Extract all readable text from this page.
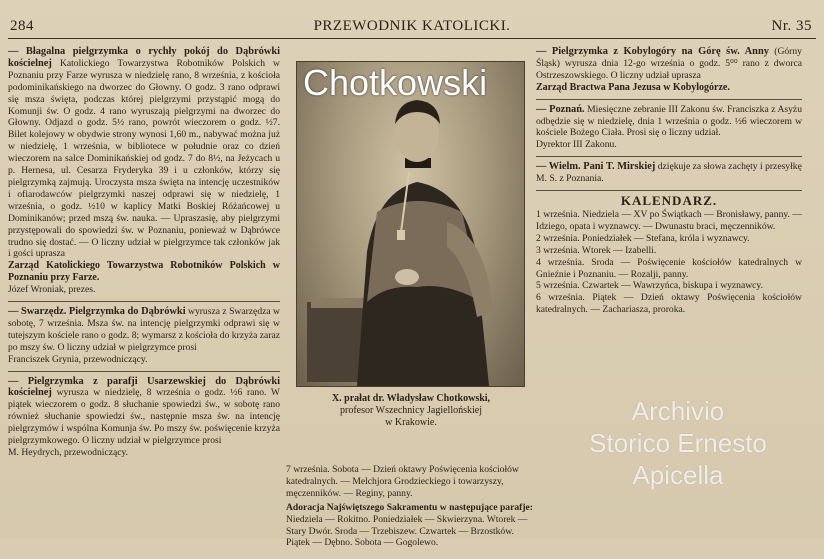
284	PRZEWODNIK KATOLICKI.	Nr. 35

— Błagalna pielgrzymka o rychły pokój do Dąbrówki kościelnej Katolickiego Towarzystwa Robotników Polskich w Poznaniu przy Farze wyrusza w niedzielę rano, 8 września, z kościoła podominikańskiego na dworzec do Głowny. O godz. 3 rano odprawi się msza święta, podczas której pielgrzymi przystąpić mogą do Komunji św. O godz. 4 rano wyruszają pielgrzymi na dworzec do Głowny. Odjazd o godz. 5½ rano, powrót wieczorem o godz. ½7. Bilet kolejowy w obydwie strony wynosi 1,60 m., nabywać można już w niedzielę, 1 września, w bibliotece w południe oraz co dzień wieczorem na salce Dominikańskiej od godz. 7 do 8½, na Jeżycach u p. Hernesa, ul. Cesarza Fryderyka 39 i u członków, którzy się pielgrzymką zajmują. Uroczysta msza święta na intencję uczestników i ofiarodawców pielgrzymki naszej odprawi się w niedzielę, 1 września, o godz. ½10 w kaplicy Matki Boskiej Różańcowej u Dominikanów; przed mszą św. nauka. — Upraszasię, aby pielgrzymi przystępowali do spowiedzi św. w Poznaniu, ponieważ w Dąbrówce trudno się dostać. — O liczny udział w pielgrzymce tak członków jak i gości uprasza

Zarząd Katolickiego Towarzystwa Robotników Polskich w Poznaniu przy Farze.

Józef Wroniak, prezes.

— Swarzędz. Pielgrzymka do Dąbrówki wyrusza z Swarzędza w sobotę, 7 września. Msza św. na intencję pielgrzymki odprawi się w tutejszym kościele rano o godz. 8; wymarsz z kościoła do krzyża zaraz po mszy św. O liczny udział w pielgrzymce prosi

Franciszek Grynia, przewodniczący.

— Pielgrzymka z parafji Usarzewskiej do Dąbrówki kościelnej wyrusza w niedzielę, 8 września o godz. ½6 rano. W piątek wieczorem o godz. 8 słuchanie spowiedzi św., w sobotę rano również słuchanie spowiedzi św., następnie msza św. na intencję pielgrzymów i wspólna Komunja św. Po mszy św. poświęcenie krzyża pielgrzymkowego. O liczny udział w pielgrzymce prosi

M. Heydrych, przewodniczący.

Chotkowski
X. prałat dr. Władysław Chotkowski,
profesor Wszechnicy Jagiellońskiej
w Krakowie.

— Pielgrzymka z Kobylogóry na Górę św. Anny (Górny Śląsk) wyrusza dnia 12-go września o godz. 5⁰⁰ rano z dworca Ostrzeszowskiego. O liczny udział uprasza

Zarząd Bractwa Pana Jezusa w Kobylogórze.

— Poznań. Miesięczne zebranie III Zakonu św. Franciszka z Asyżu odbędzie się w niedzielę, dnia 1 września o godz. ½6 wieczorem w kościele Bożego Ciała. Prosi się o liczny udział.

Dyrektor III Zakonu.

— Wielm. Pani T. Mirskiej dziękuje za słowa zachęty i przesyłkę

M. S. z Poznania.

KALENDARZ.

1 września. Niedziela — XV po Świątkach — Bronisławy, panny. — Idziego, opata i wyznawcy. — Dwunastu braci, męczenników.

2 września. Poniedziałek — Stefana, króla i wyznawcy.

3 września. Wtorek — Izabelli.

4 września. Sroda — Poświęcenie kościołów katedralnych w Gnieźnie i Poznaniu. — Rozalji, panny.

5 września. Czwartek — Wawrzyńca, biskupa i wyznawcy.

6 września. Piątek — Dzień oktawy Poświęcenia kościołów katedralnych. — Zachariasza, proroka.

7 września. Sobota — Dzień oktawy Poświęcenia kościołów katedralnych. — Melchjora Grodzieckiego i towarzyszy, męczenników. — Reginy, panny.

Adoracja Najświętszego Sakramentu w następujące parafje: Niedziela — Rokitno. Poniedziałek — Skwierzyna. Wtorek — Stary Dwór. Sroda — Trzebiszew. Czwartek — Brzostków. Piątek — Dębno. Sobota — Gogolewo.

Archivio
Storico Ernesto
Apicella
